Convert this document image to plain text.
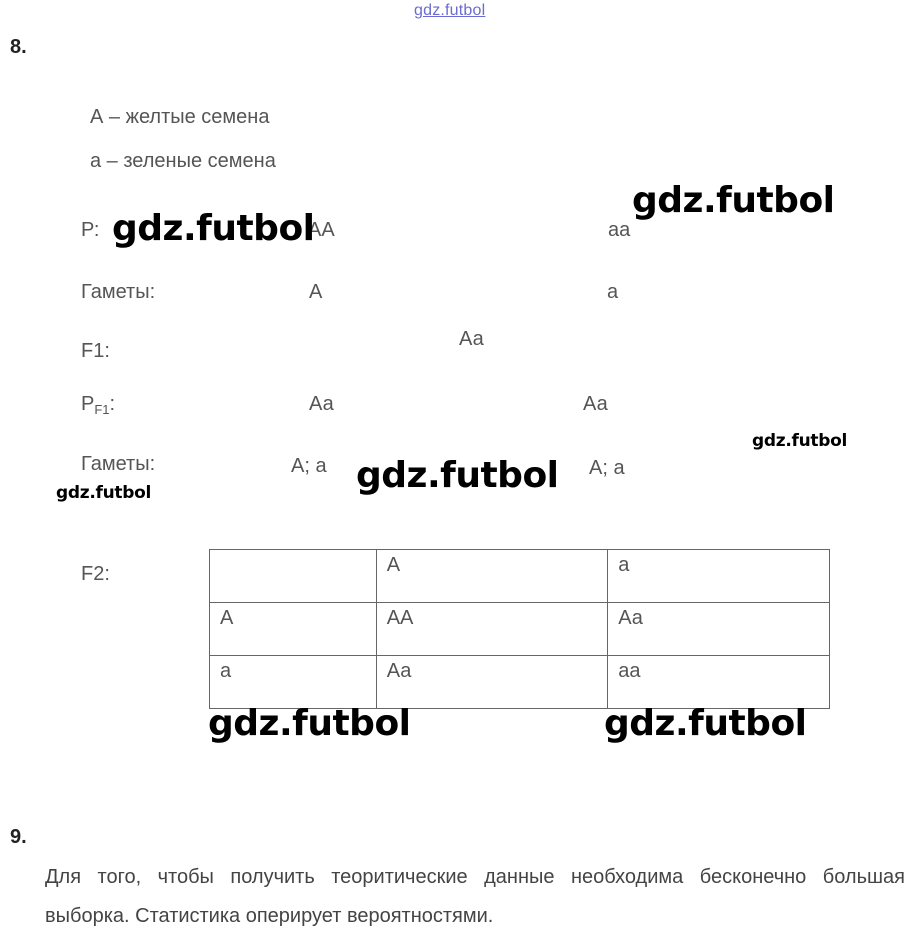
gdz.futbol
8.
А – желтые семена
а – зеленые семена
Р:	АА	аа
Гаметы:	А	а
F1:
Аа
$Р_{F1}$:	Аа	Аа
Гаметы:	А; а	А; а
F2:
		А	а
А	АА	Аа
а	Аа	аа
gdz.futbol
gdz.futbol
gdz.futbol
gdz.futbol
gdz.futbol
gdz.futbol	gdz.futbol
9.
Для того, чтобы получить теоритические данные необходима бесконечно большая выборка. Статистика оперирует вероятностями.
